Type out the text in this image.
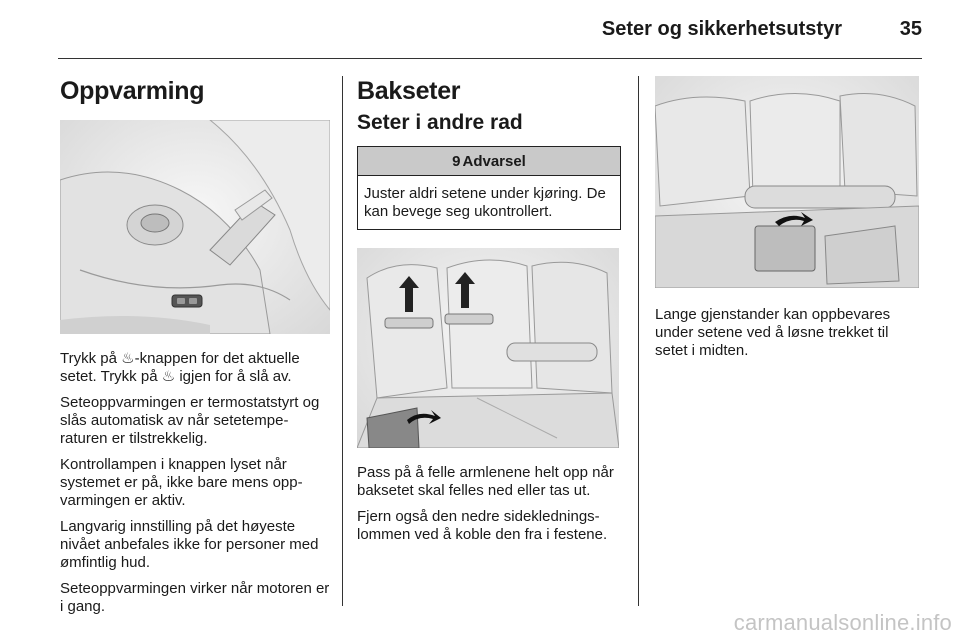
Seter og sikkerhetsutstyr	35
Oppvarming

Trykk på ♨-knappen for det aktuelle setet. Trykk på ♨ igjen for å slå av.

Seteoppvarmingen er termostatstyrt og slås automatisk av når setetemperaturen er tilstrekkelig.

Kontrollampen i knappen lyset når systemet er på, ikke bare mens oppvarmingen er aktiv.

Langvarig innstilling på det høyeste nivået anbefales ikke for personer med ømfintlig hud.

Seteoppvarmingen virker når motoren er i gang.

Bakseter
Seter i andre rad
9 Advarsel
Juster aldri setene under kjøring. De kan bevege seg ukontrollert.

Pass på å felle armlenene helt opp når baksetet skal felles ned eller tas ut.

Fjern også den nedre sidekledningslommen ved å koble den fra i festene.

Lange gjenstander kan oppbevares under setene ved å løsne trekket til setet i midten.

carmanualsonline.info
